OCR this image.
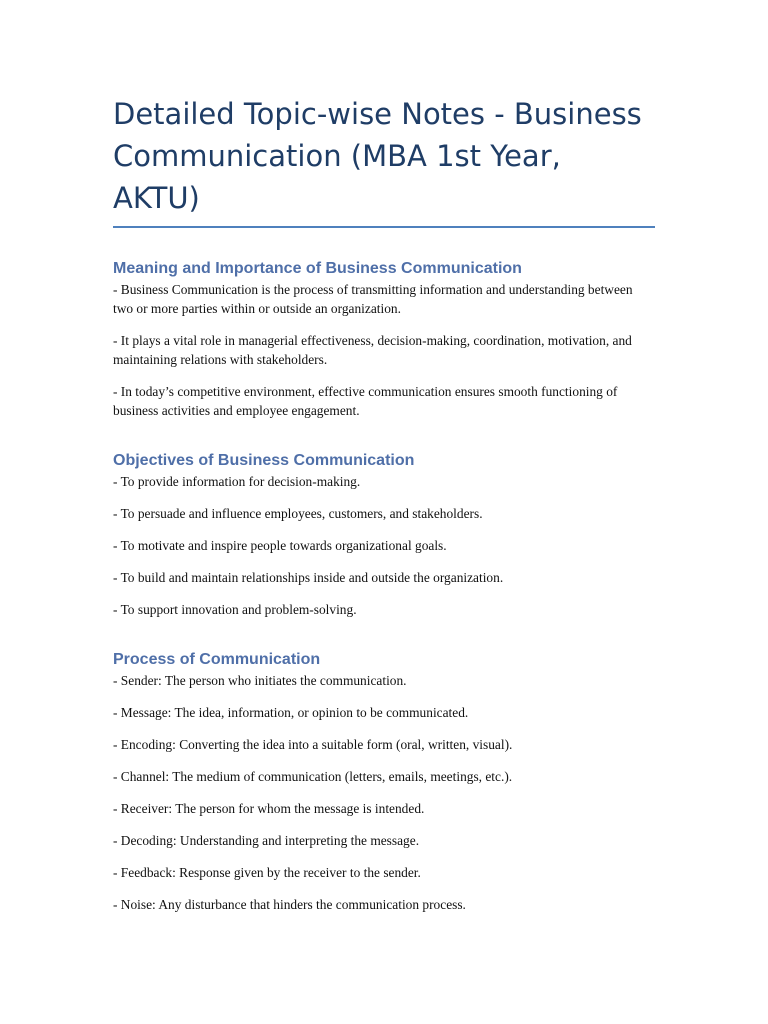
Detailed Topic-wise Notes - Business Communication (MBA 1st Year, AKTU)
Meaning and Importance of Business Communication

- Business Communication is the process of transmitting information and understanding between two or more parties within or outside an organization.

- It plays a vital role in managerial effectiveness, decision-making, coordination, motivation, and maintaining relations with stakeholders.

- In today’s competitive environment, effective communication ensures smooth functioning of business activities and employee engagement.

Objectives of Business Communication

- To provide information for decision-making.

- To persuade and influence employees, customers, and stakeholders.

- To motivate and inspire people towards organizational goals.

- To build and maintain relationships inside and outside the organization.

- To support innovation and problem-solving.

Process of Communication

- Sender: The person who initiates the communication.

- Message: The idea, information, or opinion to be communicated.

- Encoding: Converting the idea into a suitable form (oral, written, visual).

- Channel: The medium of communication (letters, emails, meetings, etc.).

- Receiver: The person for whom the message is intended.

- Decoding: Understanding and interpreting the message.

- Feedback: Response given by the receiver to the sender.

- Noise: Any disturbance that hinders the communication process.
